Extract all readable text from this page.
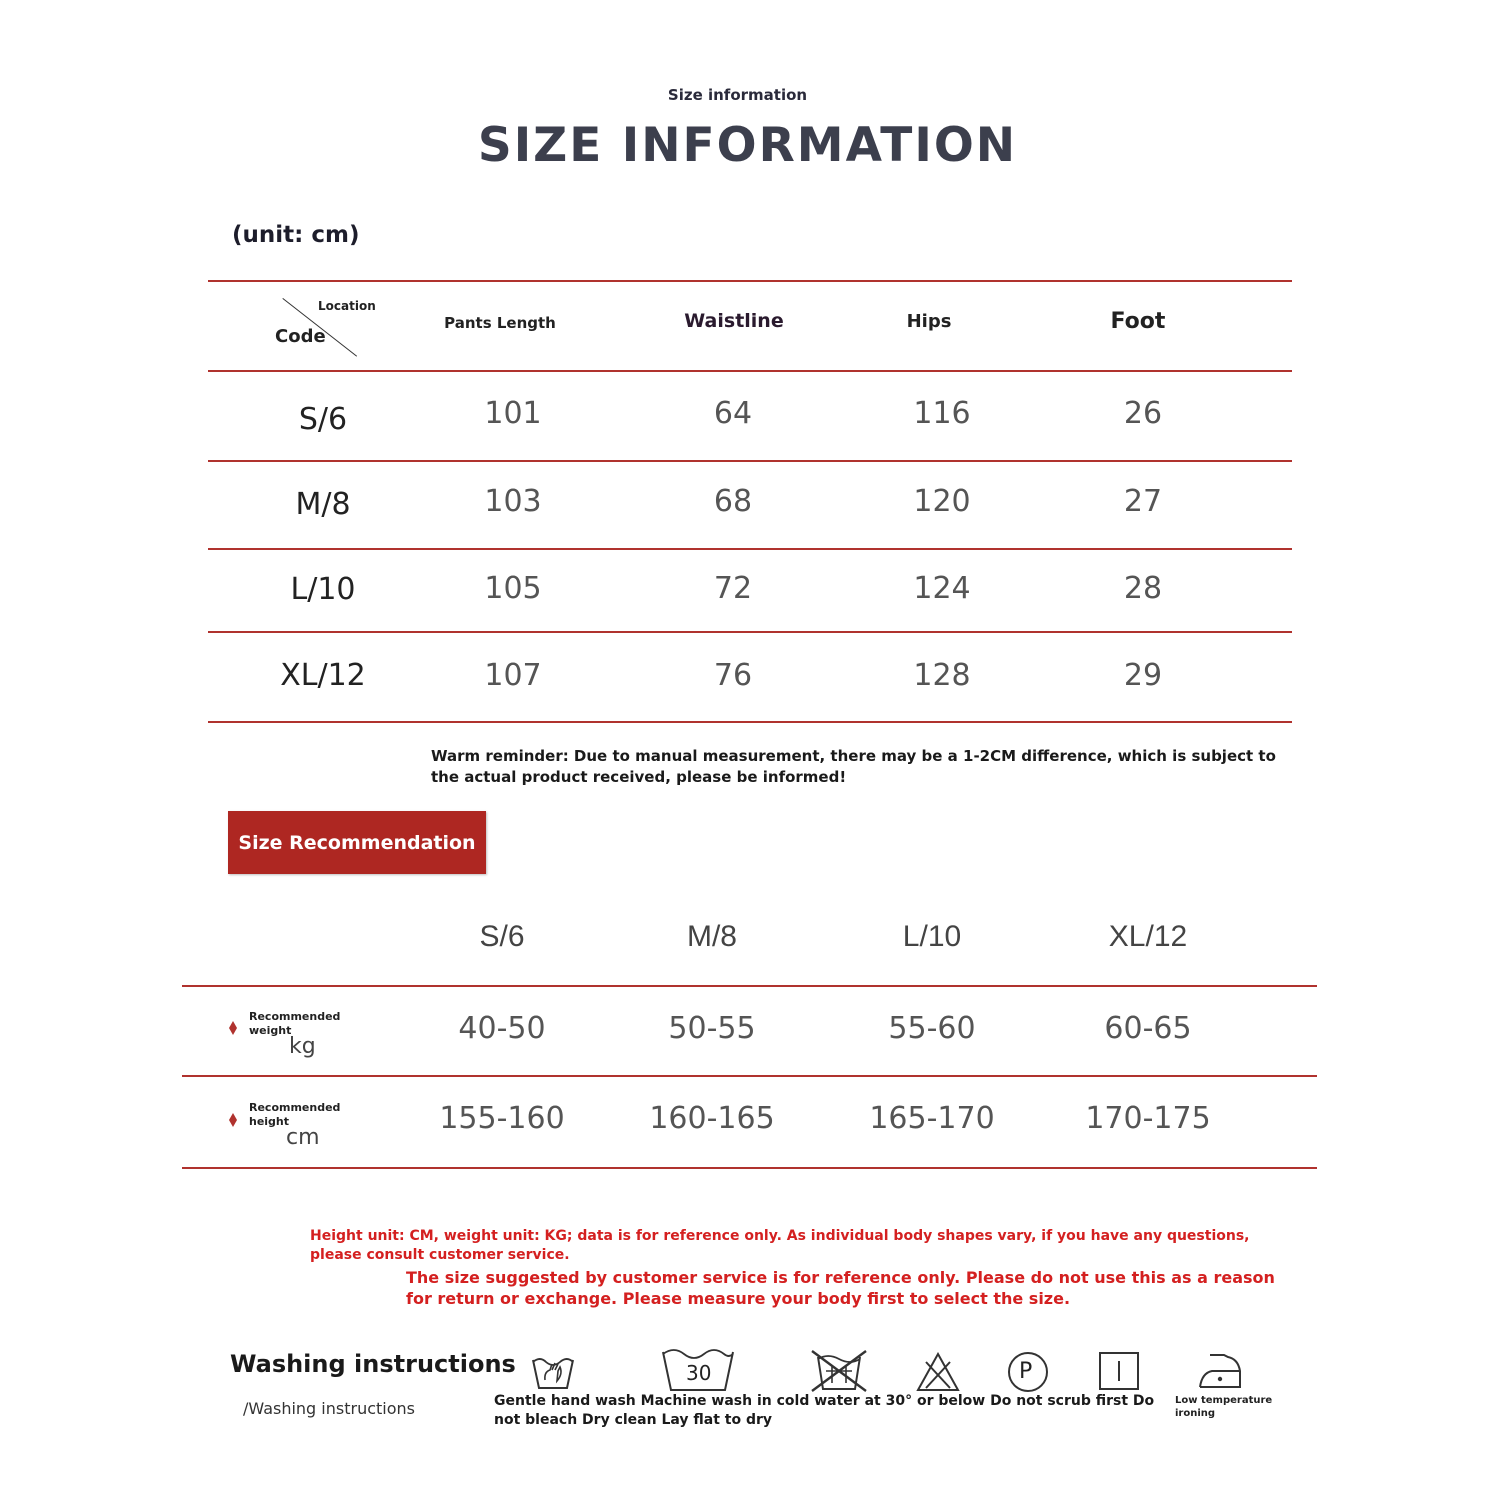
Size information
SIZE INFORMATION
(unit: cm)
Location
Code
Pants Length	Waistline	Hips	Foot
S/6	101	64	116	26
M/8	103	68	120	27
L/10	105	72	124	28
XL/12	107	76	128	29
Warm reminder: Due to manual measurement, there may be a 1-2CM difference, which is subject to the actual product received, please be informed!
Size Recommendation
S/6	M/8	L/10	XL/12
Recommended weight
kg
40-50	50-55	55-60	60-65
Recommended height
cm
155-160	160-165	165-170	170-175
Height unit: CM, weight unit: KG; data is for reference only. As individual body shapes vary, if you have any questions, please consult customer service.
The size suggested by customer service is for reference only. Please do not use this as a reason for return or exchange. Please measure your body first to select the size.
Washing instructions
/Washing instructions
30	P
Gentle hand wash Machine wash in cold water at 30° or below Do not scrub first Do not bleach Dry clean Lay flat to dry
Low temperature ironing
